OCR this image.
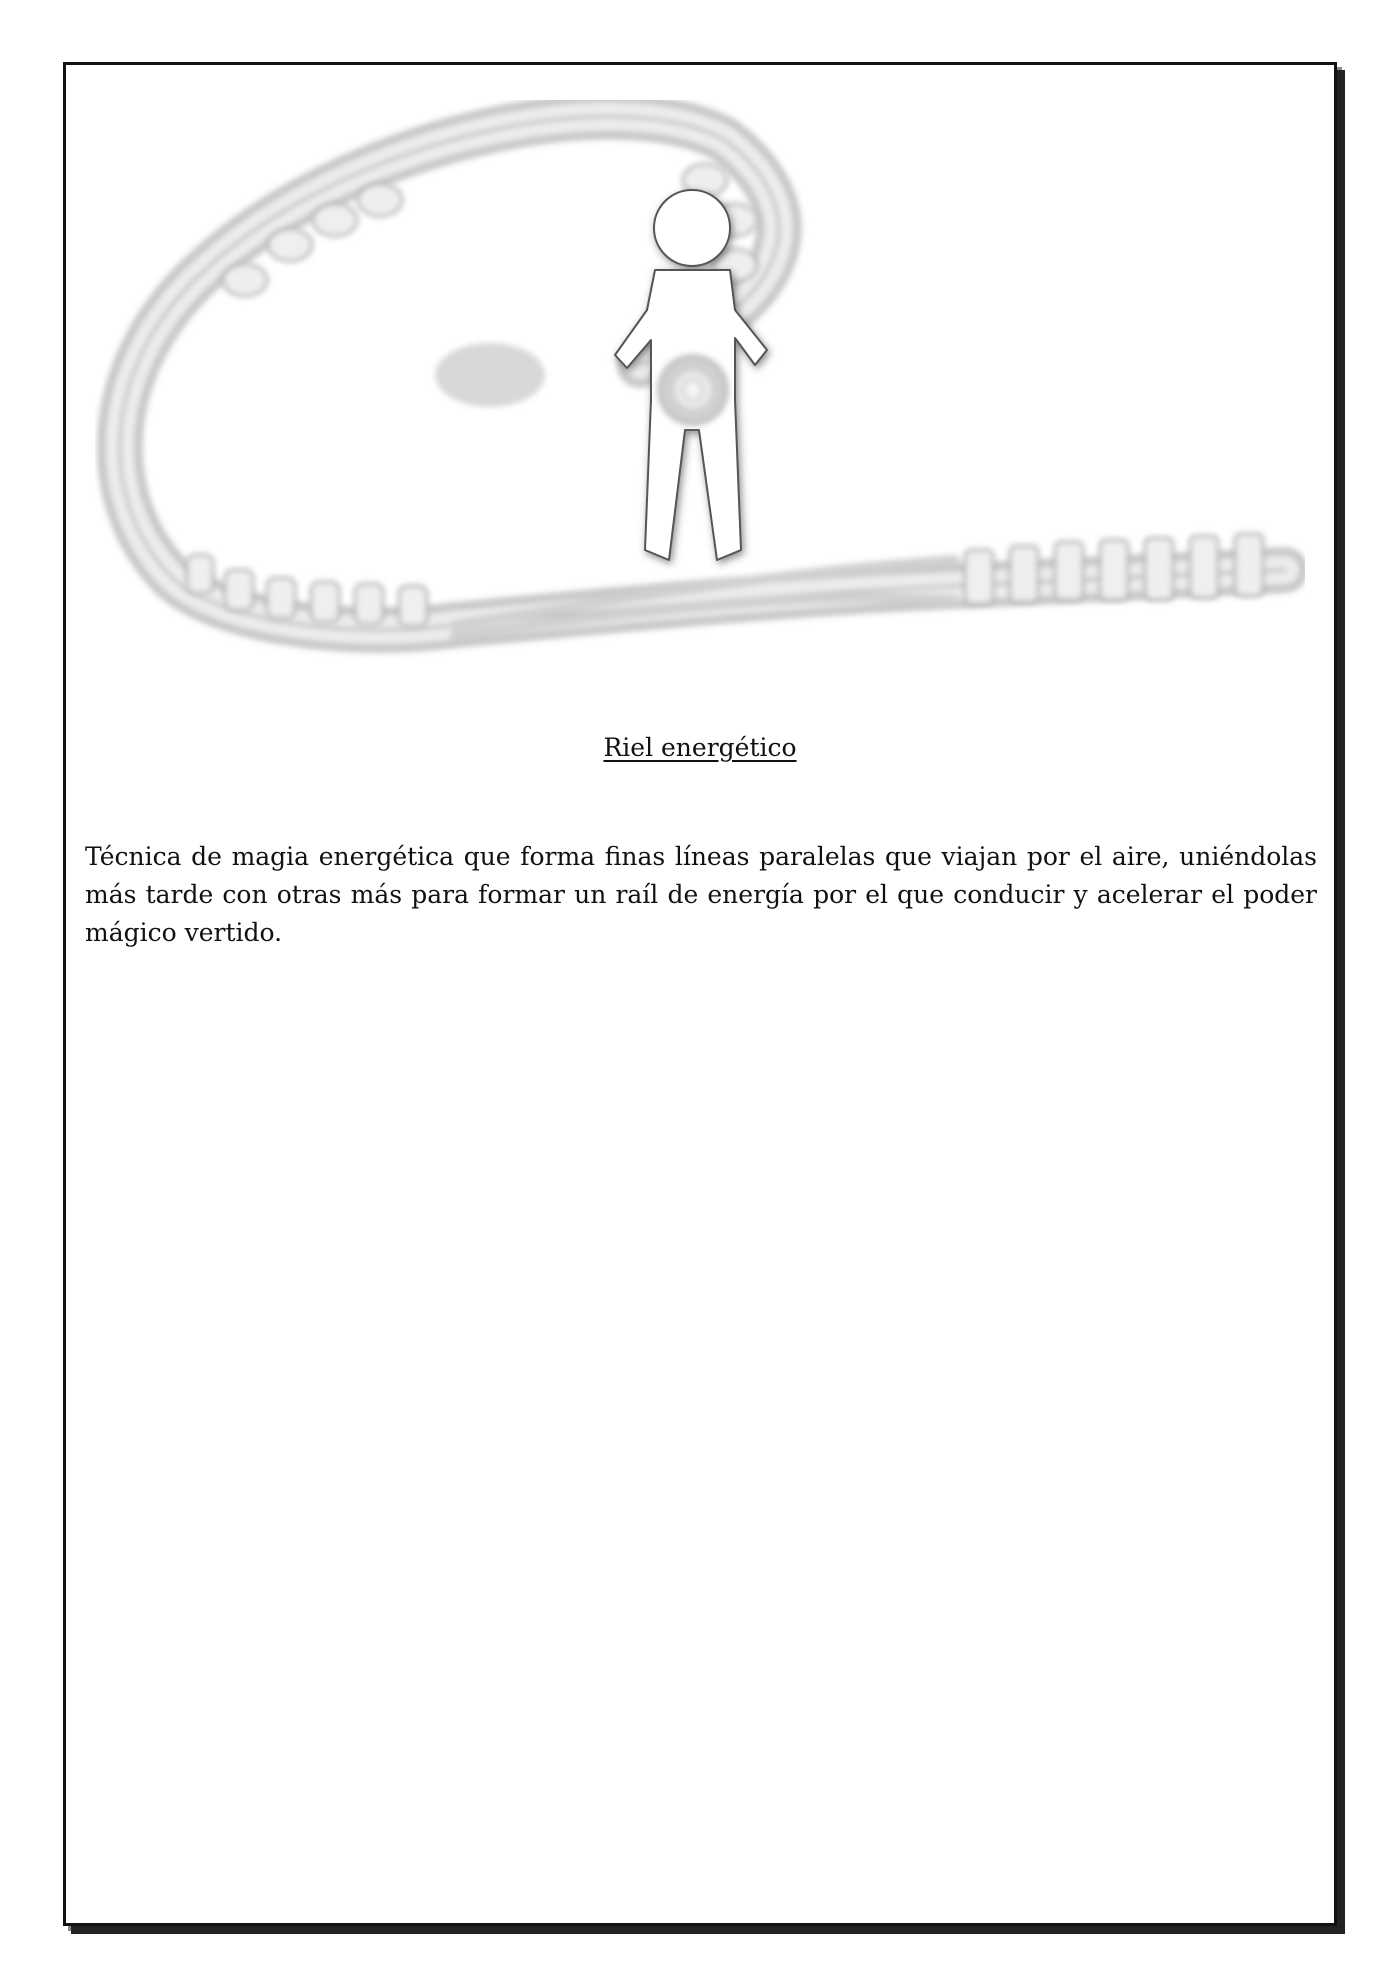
Riel energético

Técnica de magia energética que forma finas líneas paralelas que viajan por el aire, uniéndolas más tarde con otras más para formar un raíl de energía por el que conducir y acelerar el poder mágico vertido.
